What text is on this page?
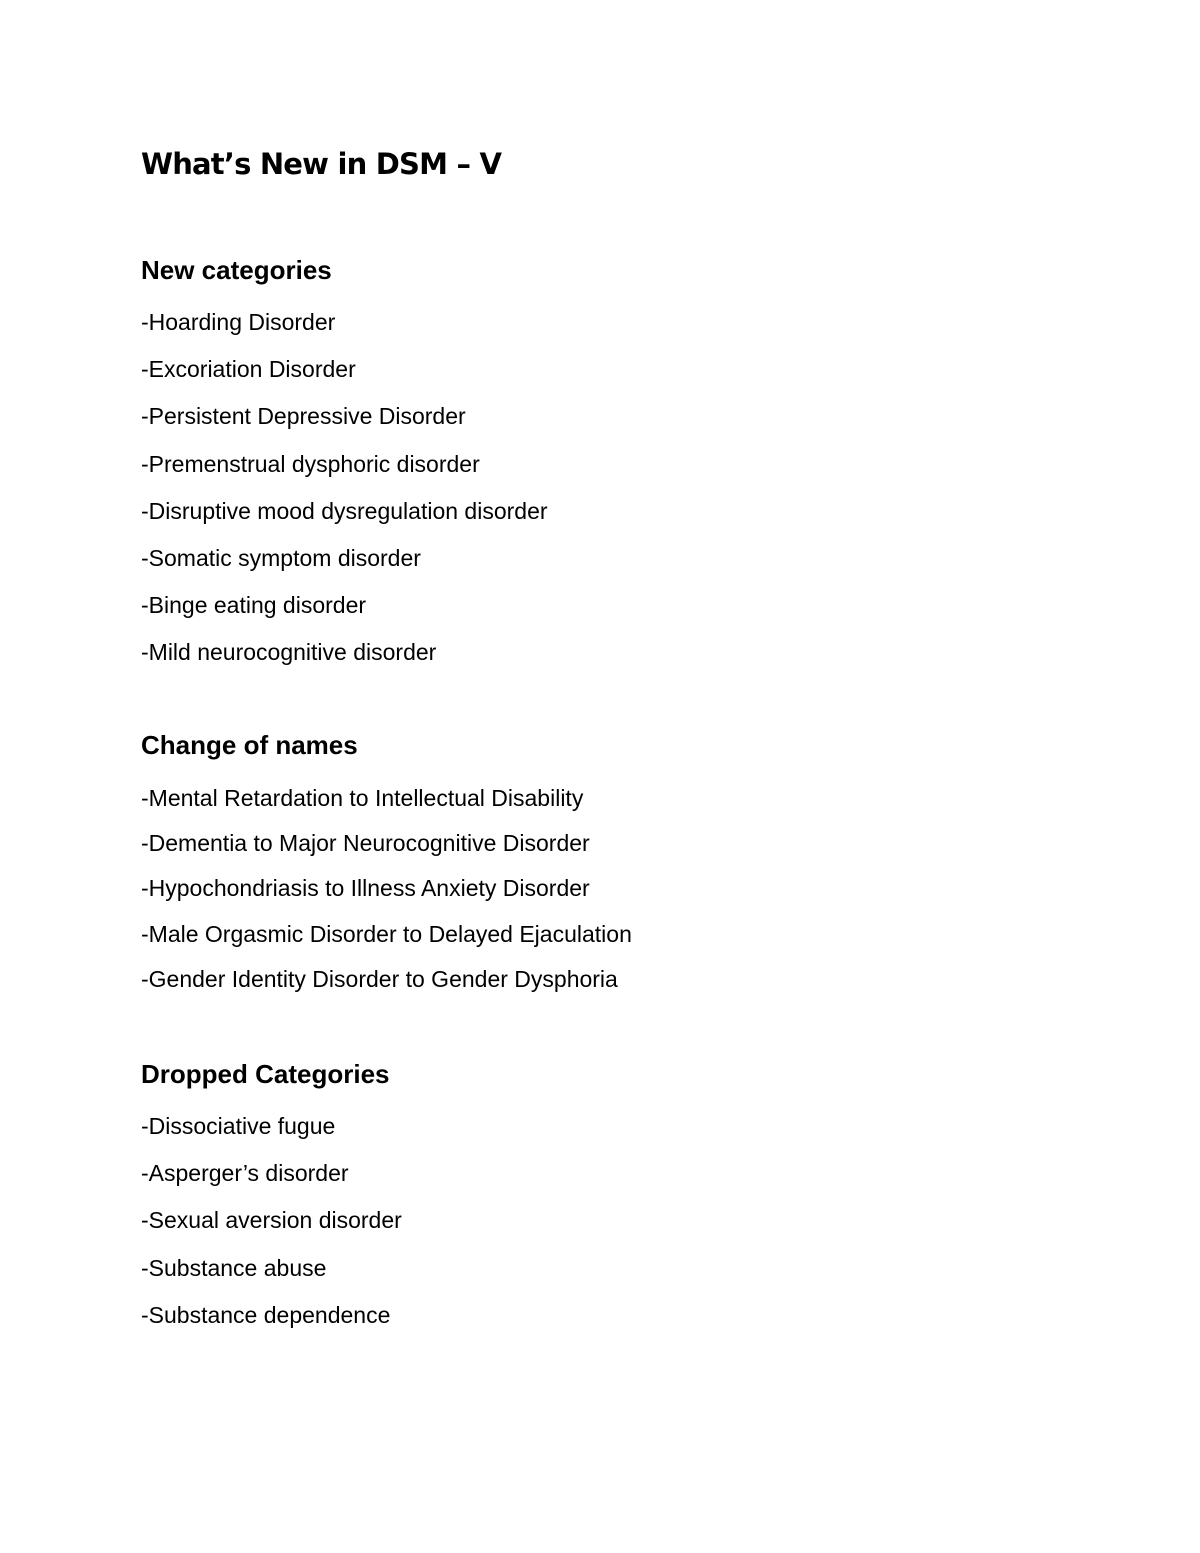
What’s New in DSM – V
New categories
-Hoarding Disorder
-Excoriation Disorder
-Persistent Depressive Disorder
-Premenstrual dysphoric disorder
-Disruptive mood dysregulation disorder
-Somatic symptom disorder
-Binge eating disorder
-Mild neurocognitive disorder
Change of names
-Mental Retardation to Intellectual Disability
-Dementia to Major Neurocognitive Disorder
-Hypochondriasis to Illness Anxiety Disorder
-Male Orgasmic Disorder to Delayed Ejaculation
-Gender Identity Disorder to Gender Dysphoria
Dropped Categories
-Dissociative fugue
-Asperger’s disorder
-Sexual aversion disorder
-Substance abuse
-Substance dependence
